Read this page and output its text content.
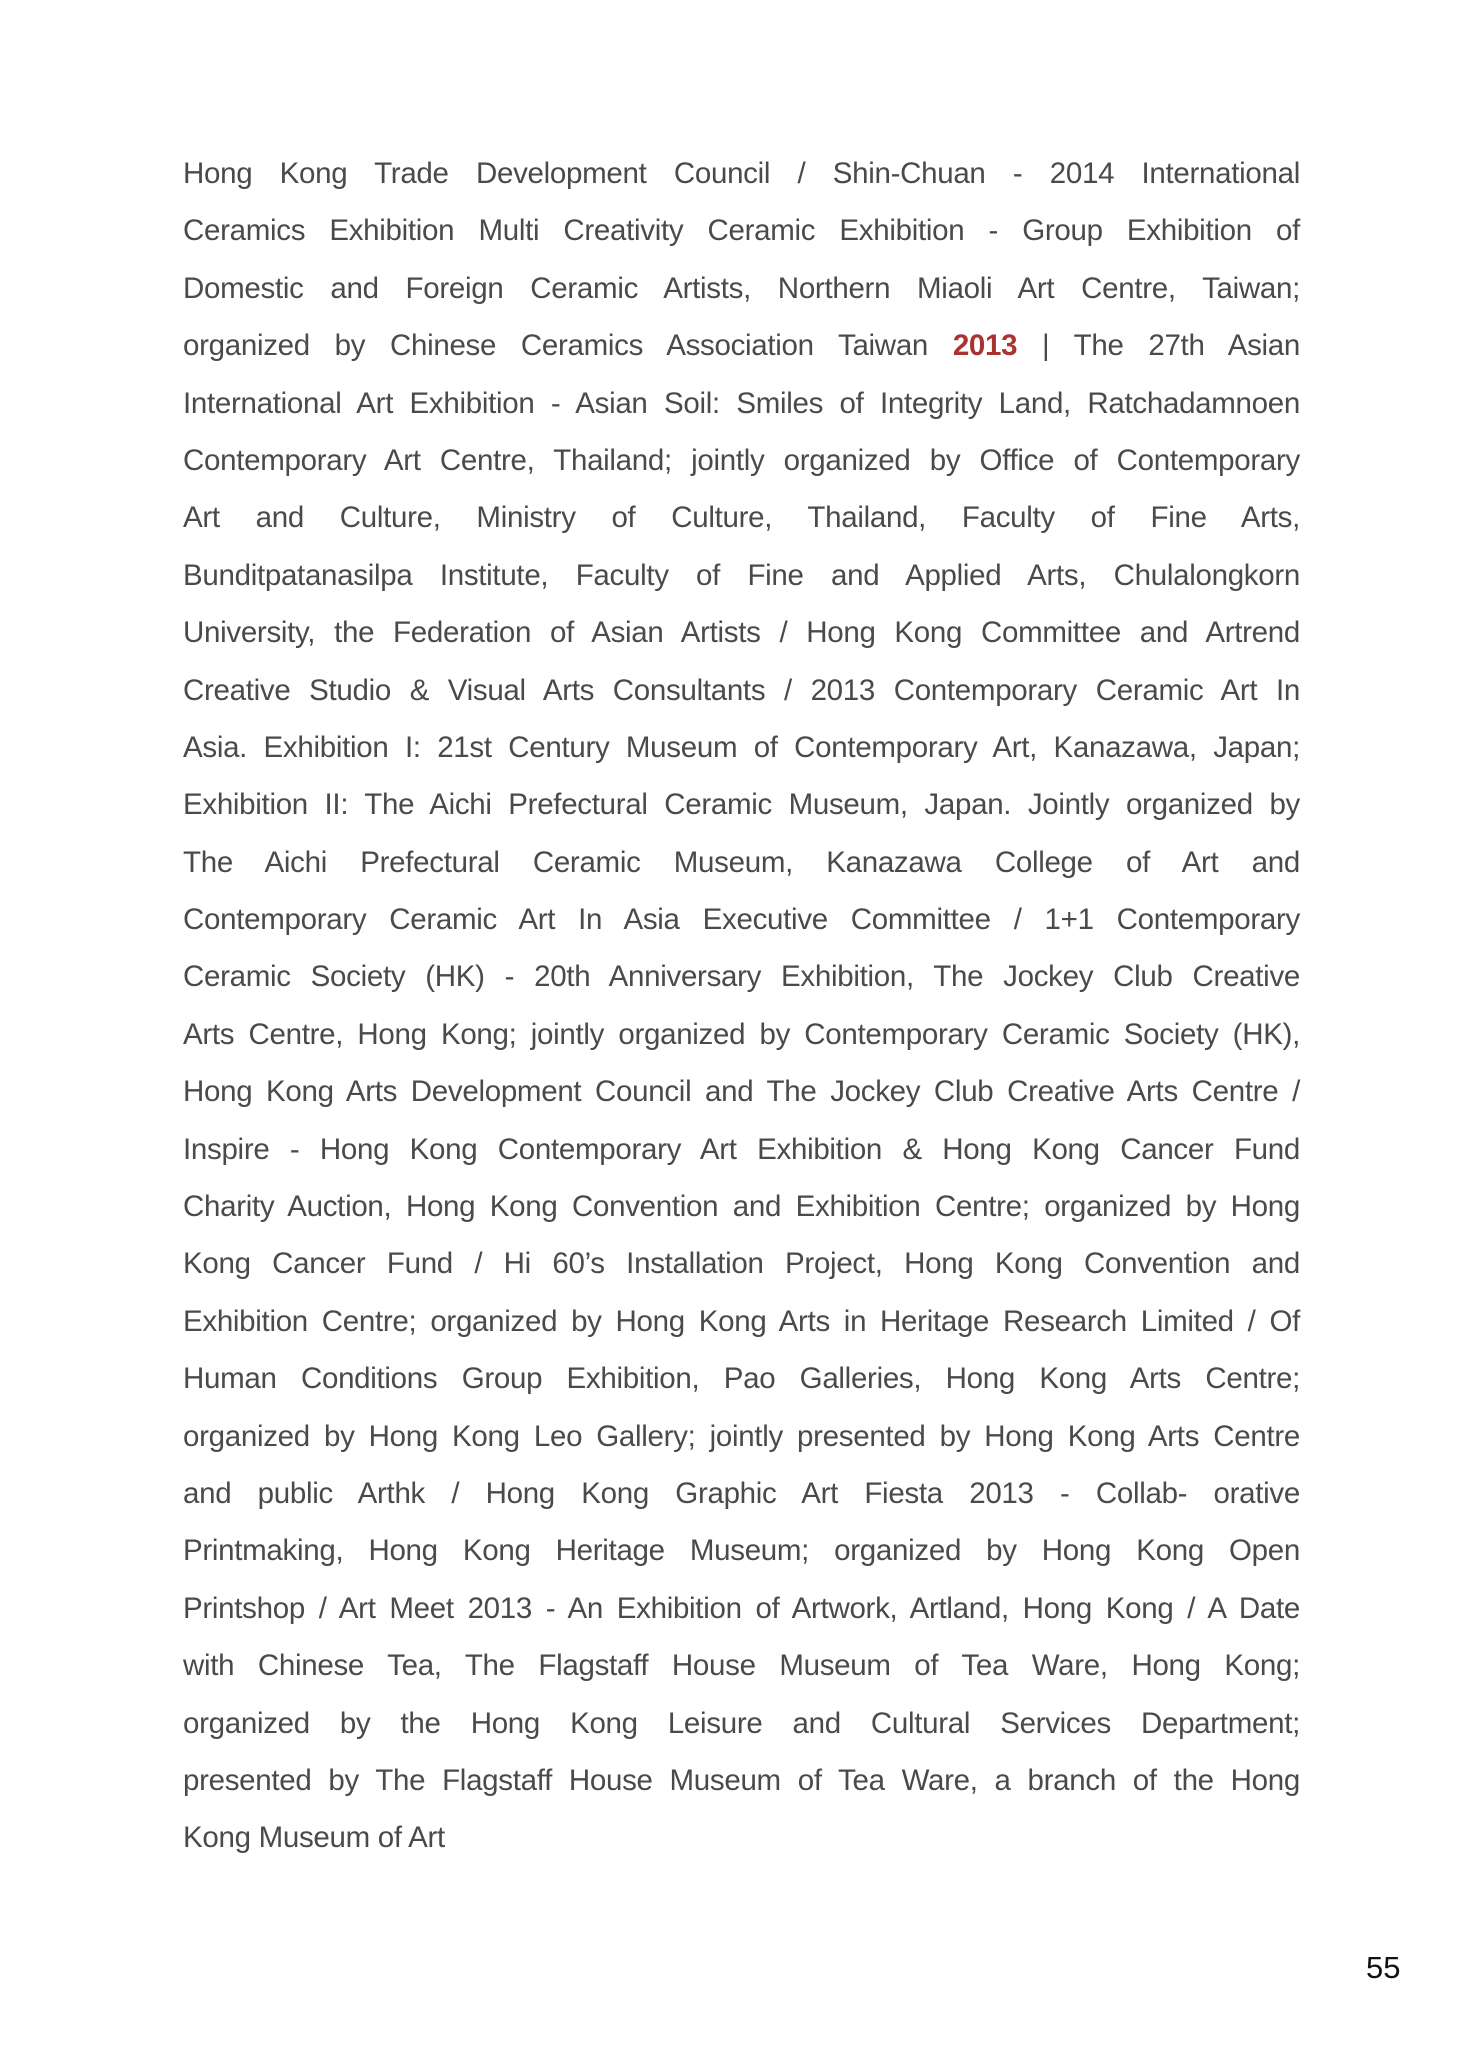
Hong Kong Trade Development Council / Shin-Chuan - 2014 International
Ceramics Exhibition Multi Creativity Ceramic Exhibition - Group Exhibition of
Domestic and Foreign Ceramic Artists, Northern Miaoli Art Centre, Taiwan;
organized by Chinese Ceramics Association Taiwan 2013 | The 27th Asian
International Art Exhibition - Asian Soil: Smiles of Integrity Land, Ratchadamnoen
Contemporary Art Centre, Thailand; jointly organized by Office of Contemporary
Art and Culture, Ministry of Culture, Thailand, Faculty of Fine Arts,
Bunditpatanasilpa Institute, Faculty of Fine and Applied Arts, Chulalongkorn
University, the Federation of Asian Artists / Hong Kong Committee and Artrend
Creative Studio & Visual Arts Consultants / 2013 Contemporary Ceramic Art In
Asia. Exhibition I: 21st Century Museum of Contemporary Art, Kanazawa, Japan;
Exhibition II: The Aichi Prefectural Ceramic Museum, Japan. Jointly organized by
The Aichi Prefectural Ceramic Museum, Kanazawa College of Art and
Contemporary Ceramic Art In Asia Executive Committee / 1+1 Contemporary
Ceramic Society (HK) - 20th Anniversary Exhibition, The Jockey Club Creative
Arts Centre, Hong Kong; jointly organized by Contemporary Ceramic Society (HK),
Hong Kong Arts Development Council and The Jockey Club Creative Arts Centre /
Inspire - Hong Kong Contemporary Art Exhibition & Hong Kong Cancer Fund
Charity Auction, Hong Kong Convention and Exhibition Centre; organized by Hong
Kong Cancer Fund / Hi 60’s Installation Project, Hong Kong Convention and
Exhibition Centre; organized by Hong Kong Arts in Heritage Research Limited / Of
Human Conditions Group Exhibition, Pao Galleries, Hong Kong Arts Centre;
organized by Hong Kong Leo Gallery; jointly presented by Hong Kong Arts Centre
and public Arthk / Hong Kong Graphic Art Fiesta 2013 - Collab- orative
Printmaking, Hong Kong Heritage Museum; organized by Hong Kong Open
Printshop / Art Meet 2013 - An Exhibition of Artwork, Artland, Hong Kong / A Date
with Chinese Tea, The Flagstaff House Museum of Tea Ware, Hong Kong;
organized by the Hong Kong Leisure and Cultural Services Department;
presented by The Flagstaff House Museum of Tea Ware, a branch of the Hong
Kong Museum of Art
55
